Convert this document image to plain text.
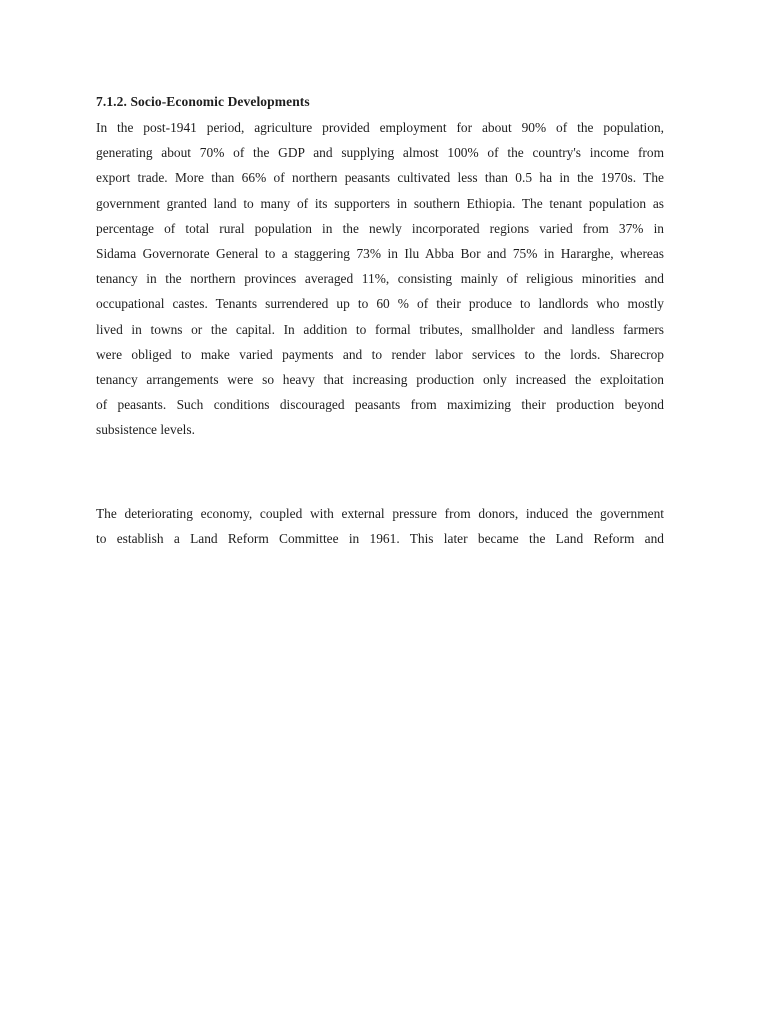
7.1.2. Socio-Economic Developments

In the post-1941 period, agriculture provided employment for about 90% of the population,
generating about 70% of the GDP and supplying almost 100% of the country's income from
export trade. More than 66% of northern peasants cultivated less than 0.5 ha in the 1970s. The
government granted land to many of its supporters in southern Ethiopia. The tenant population as
percentage of total rural population in the newly incorporated regions varied from 37% in
Sidama Governorate General to a staggering 73% in Ilu Abba Bor and 75% in Hararghe, whereas
tenancy in the northern provinces averaged 11%, consisting mainly of religious minorities and
occupational castes. Tenants surrendered up to 60 % of their produce to landlords who mostly
lived in towns or the capital. In addition to formal tributes, smallholder and landless farmers
were obliged to make varied payments and to render labor services to the lords. Sharecrop
tenancy arrangements were so heavy that increasing production only increased the exploitation
of peasants. Such conditions discouraged peasants from maximizing their production beyond
subsistence levels.

The deteriorating economy, coupled with external pressure from donors, induced the government
to establish a Land Reform Committee in 1961. This later became the Land Reform and
